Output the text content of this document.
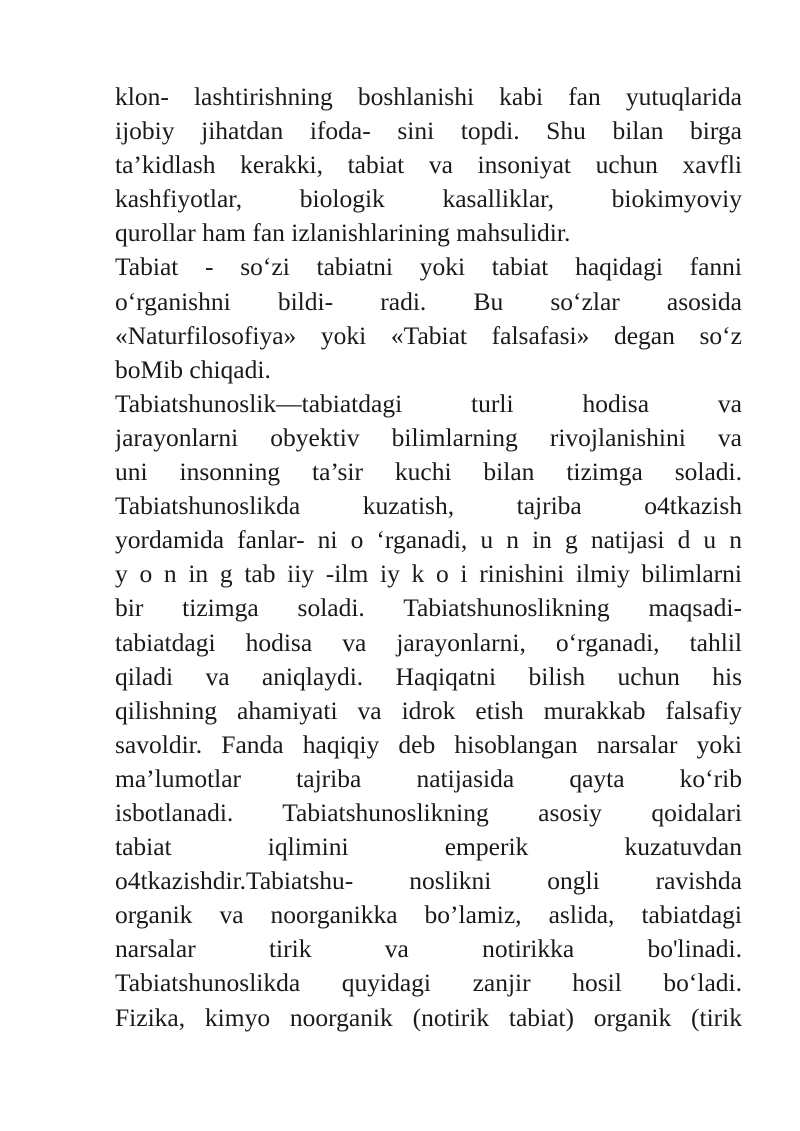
klon- lashtirishning boshlanishi kabi fan yutuqlarida
ijobiy jihatdan ifoda- sini topdi. Shu bilan birga
ta’kidlash kerakki, tabiat va insoniyat uchun xavfli
kashfiyotlar, biologik kasalliklar, biokimyoviy
qurollar ham fan izlanishlarining mahsulidir.
Tabiat - so‘zi tabiatni yoki tabiat haqidagi fanni
o‘rganishni bildi- radi. Bu so‘zlar asosida
«Naturfilosofiya» yoki «Tabiat falsafasi» degan so‘z
boMib chiqadi.
Tabiatshunoslik—tabiatdagi turli hodisa va
jarayonlarni obyektiv bilimlarning rivojlanishini va
uni insonning ta’sir kuchi bilan tizimga soladi.
Tabiatshunoslikda kuzatish, tajriba o4tkazish
yordamida fanlar- ni o ‘rganadi, u n in g natijasi d u n
y o n in g tab iiy -ilm iy k o i rinishini ilmiy bilimlarni
bir tizimga soladi. Tabiatshunoslikning maqsadi-
tabiatdagi hodisa va jarayonlarni, o‘rganadi, tahlil
qiladi va aniqlaydi. Haqiqatni bilish uchun his
qilishning ahamiyati va idrok etish murakkab falsafiy
savoldir. Fanda haqiqiy deb hisoblangan narsalar yoki
ma’lumotlar tajriba natijasida qayta ko‘rib
isbotlanadi. Tabiatshunoslikning asosiy qoidalari
tabiat iqlimini emperik kuzatuvdan
o4tkazishdir.Tabiatshu- noslikni ongli ravishda
organik va noorganikka bo’lamiz, aslida, tabiatdagi
narsalar tirik va notirikka bo'linadi.
Tabiatshunoslikda quyidagi zanjir hosil bo‘ladi.
Fizika, kimyo noorganik (notirik tabiat) organik (tirik
